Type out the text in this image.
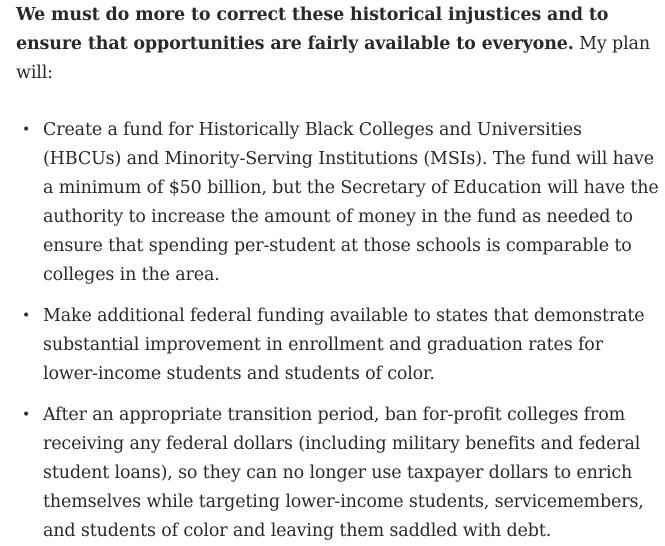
We must do more to correct these historical injustices and to ensure that opportunities are fairly available to everyone. My plan will:

• Create a fund for Historically Black Colleges and Universities (HBCUs) and Minority-Serving Institutions (MSIs). The fund will have a minimum of $50 billion, but the Secretary of Education will have the authority to increase the amount of money in the fund as needed to ensure that spending per-student at those schools is comparable to colleges in the area.
• Make additional federal funding available to states that demonstrate substantial improvement in enrollment and graduation rates for lower-income students and students of color.
• After an appropriate transition period, ban for-profit colleges from receiving any federal dollars (including military benefits and federal student loans), so they can no longer use taxpayer dollars to enrich themselves while targeting lower-income students, servicemembers, and students of color and leaving them saddled with debt.
